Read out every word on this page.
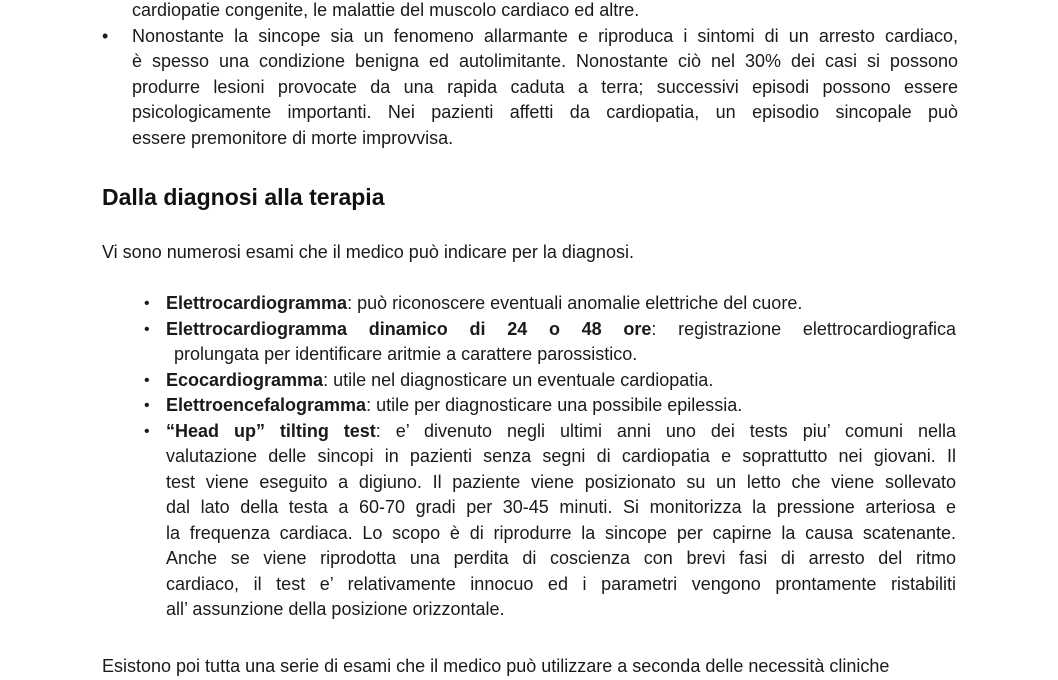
cardiopatie congenite, le malattie del muscolo cardiaco ed altre.
• Nonostante la sincope sia un fenomeno allarmante e riproduca i sintomi di un arresto cardiaco,
è spesso una condizione benigna ed autolimitante. Nonostante ciò nel 30% dei casi si possono
produrre lesioni provocate da una rapida caduta a terra; successivi episodi possono essere
psicologicamente importanti. Nei pazienti affetti da cardiopatia, un episodio sincopale può
essere premonitore di morte improvvisa.
Dalla diagnosi alla terapia

Vi sono numerosi esami che il medico può indicare per la diagnosi.

• Elettrocardiogramma: può riconoscere eventuali anomalie elettriche del cuore.
• Elettrocardiogramma dinamico di 24 o 48 ore: registrazione elettrocardiografica
prolungata per identificare aritmie a carattere parossistico.
• Ecocardiogramma: utile nel diagnosticare un eventuale cardiopatia.
• Elettroencefalogramma: utile per diagnosticare una possibile epilessia.
• “Head up” tilting test: e’ divenuto negli ultimi anni uno dei tests piu’ comuni nella
valutazione delle sincopi in pazienti senza segni di cardiopatia e soprattutto nei giovani. Il
test viene eseguito a digiuno. Il paziente viene posizionato su un letto che viene sollevato
dal lato della testa a 60-70 gradi per 30-45 minuti. Si monitorizza la pressione arteriosa e
la frequenza cardiaca. Lo scopo è di riprodurre la sincope per capirne la causa scatenante.
Anche se viene riprodotta una perdita di coscienza con brevi fasi di arresto del ritmo
cardiaco, il test e’ relativamente innocuo ed i parametri vengono prontamente ristabiliti
all’ assunzione della posizione orizzontale.

Esistono poi tutta una serie di esami che il medico può utilizzare a seconda delle necessità cliniche
